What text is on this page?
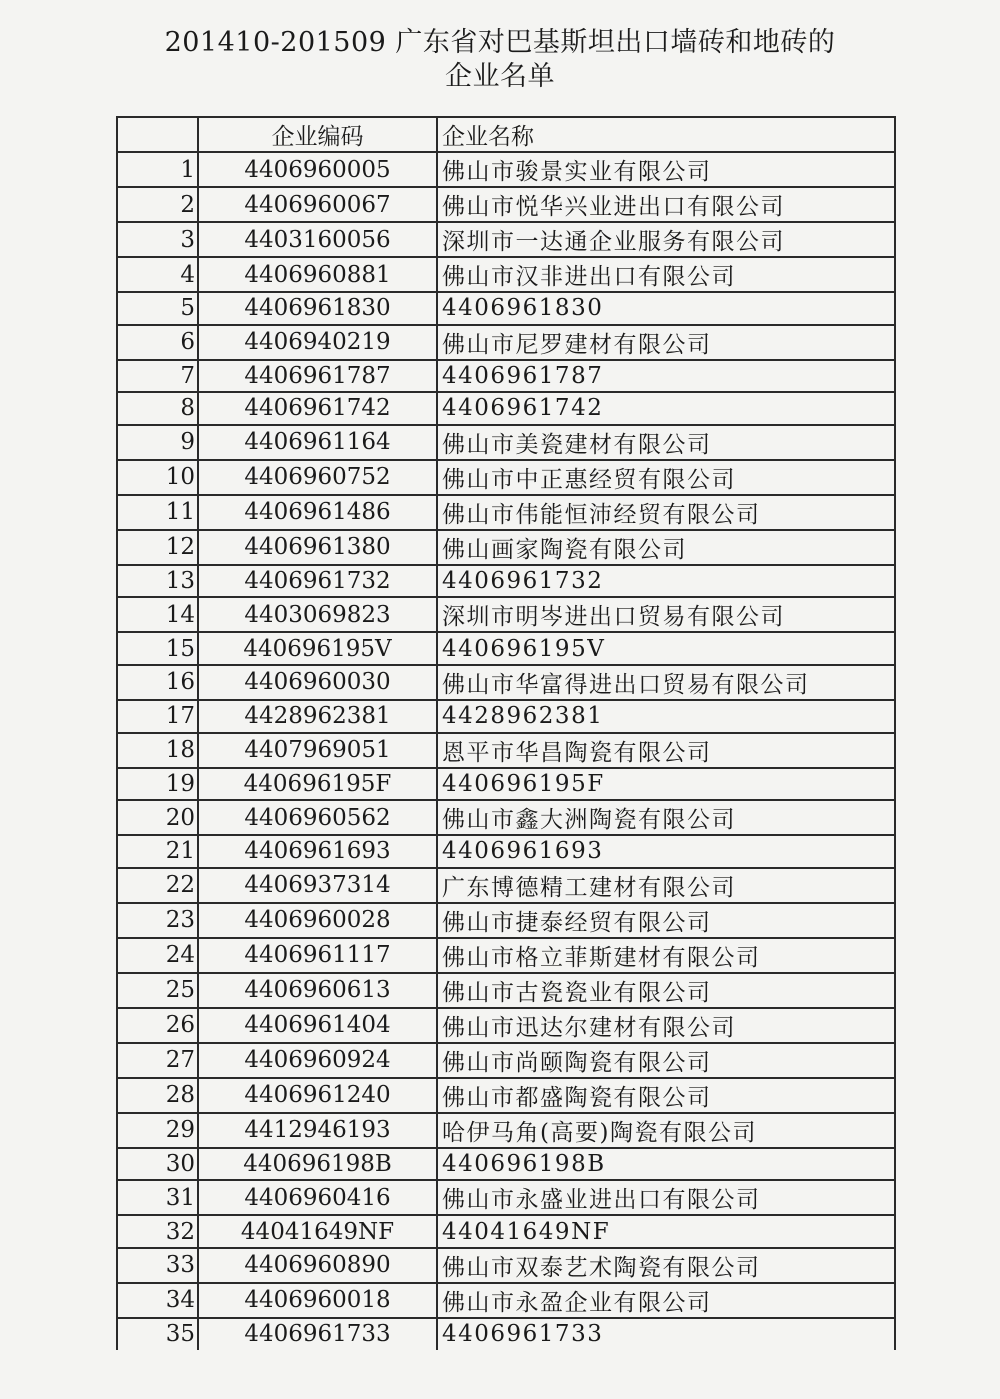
201410-201509 广东省对巴基斯坦出口墙砖和地砖的
企业名单
	企业编码	企业名称
1	4406960005	佛山市骏景实业有限公司
2	4406960067	佛山市悦华兴业进出口有限公司
3	4403160056	深圳市一达通企业服务有限公司
4	4406960881	佛山市汉非进出口有限公司
5	4406961830	4406961830
6	4406940219	佛山市尼罗建材有限公司
7	4406961787	4406961787
8	4406961742	4406961742
9	4406961164	佛山市美瓷建材有限公司
10	4406960752	佛山市中正惠经贸有限公司
11	4406961486	佛山市伟能恒沛经贸有限公司
12	4406961380	佛山画家陶瓷有限公司
13	4406961732	4406961732
14	4403069823	深圳市明岑进出口贸易有限公司
15	440696195V	440696195V
16	4406960030	佛山市华富得进出口贸易有限公司
17	4428962381	4428962381
18	4407969051	恩平市华昌陶瓷有限公司
19	440696195F	440696195F
20	4406960562	佛山市鑫大洲陶瓷有限公司
21	4406961693	4406961693
22	4406937314	广东博德精工建材有限公司
23	4406960028	佛山市捷泰经贸有限公司
24	4406961117	佛山市格立菲斯建材有限公司
25	4406960613	佛山市古瓷瓷业有限公司
26	4406961404	佛山市迅达尔建材有限公司
27	4406960924	佛山市尚颐陶瓷有限公司
28	4406961240	佛山市都盛陶瓷有限公司
29	4412946193	哈伊马角(高要)陶瓷有限公司
30	440696198B	440696198B
31	4406960416	佛山市永盛业进出口有限公司
32	44041649NF	44041649NF
33	4406960890	佛山市双泰艺术陶瓷有限公司
34	4406960018	佛山市永盈企业有限公司
35	4406961733	4406961733
